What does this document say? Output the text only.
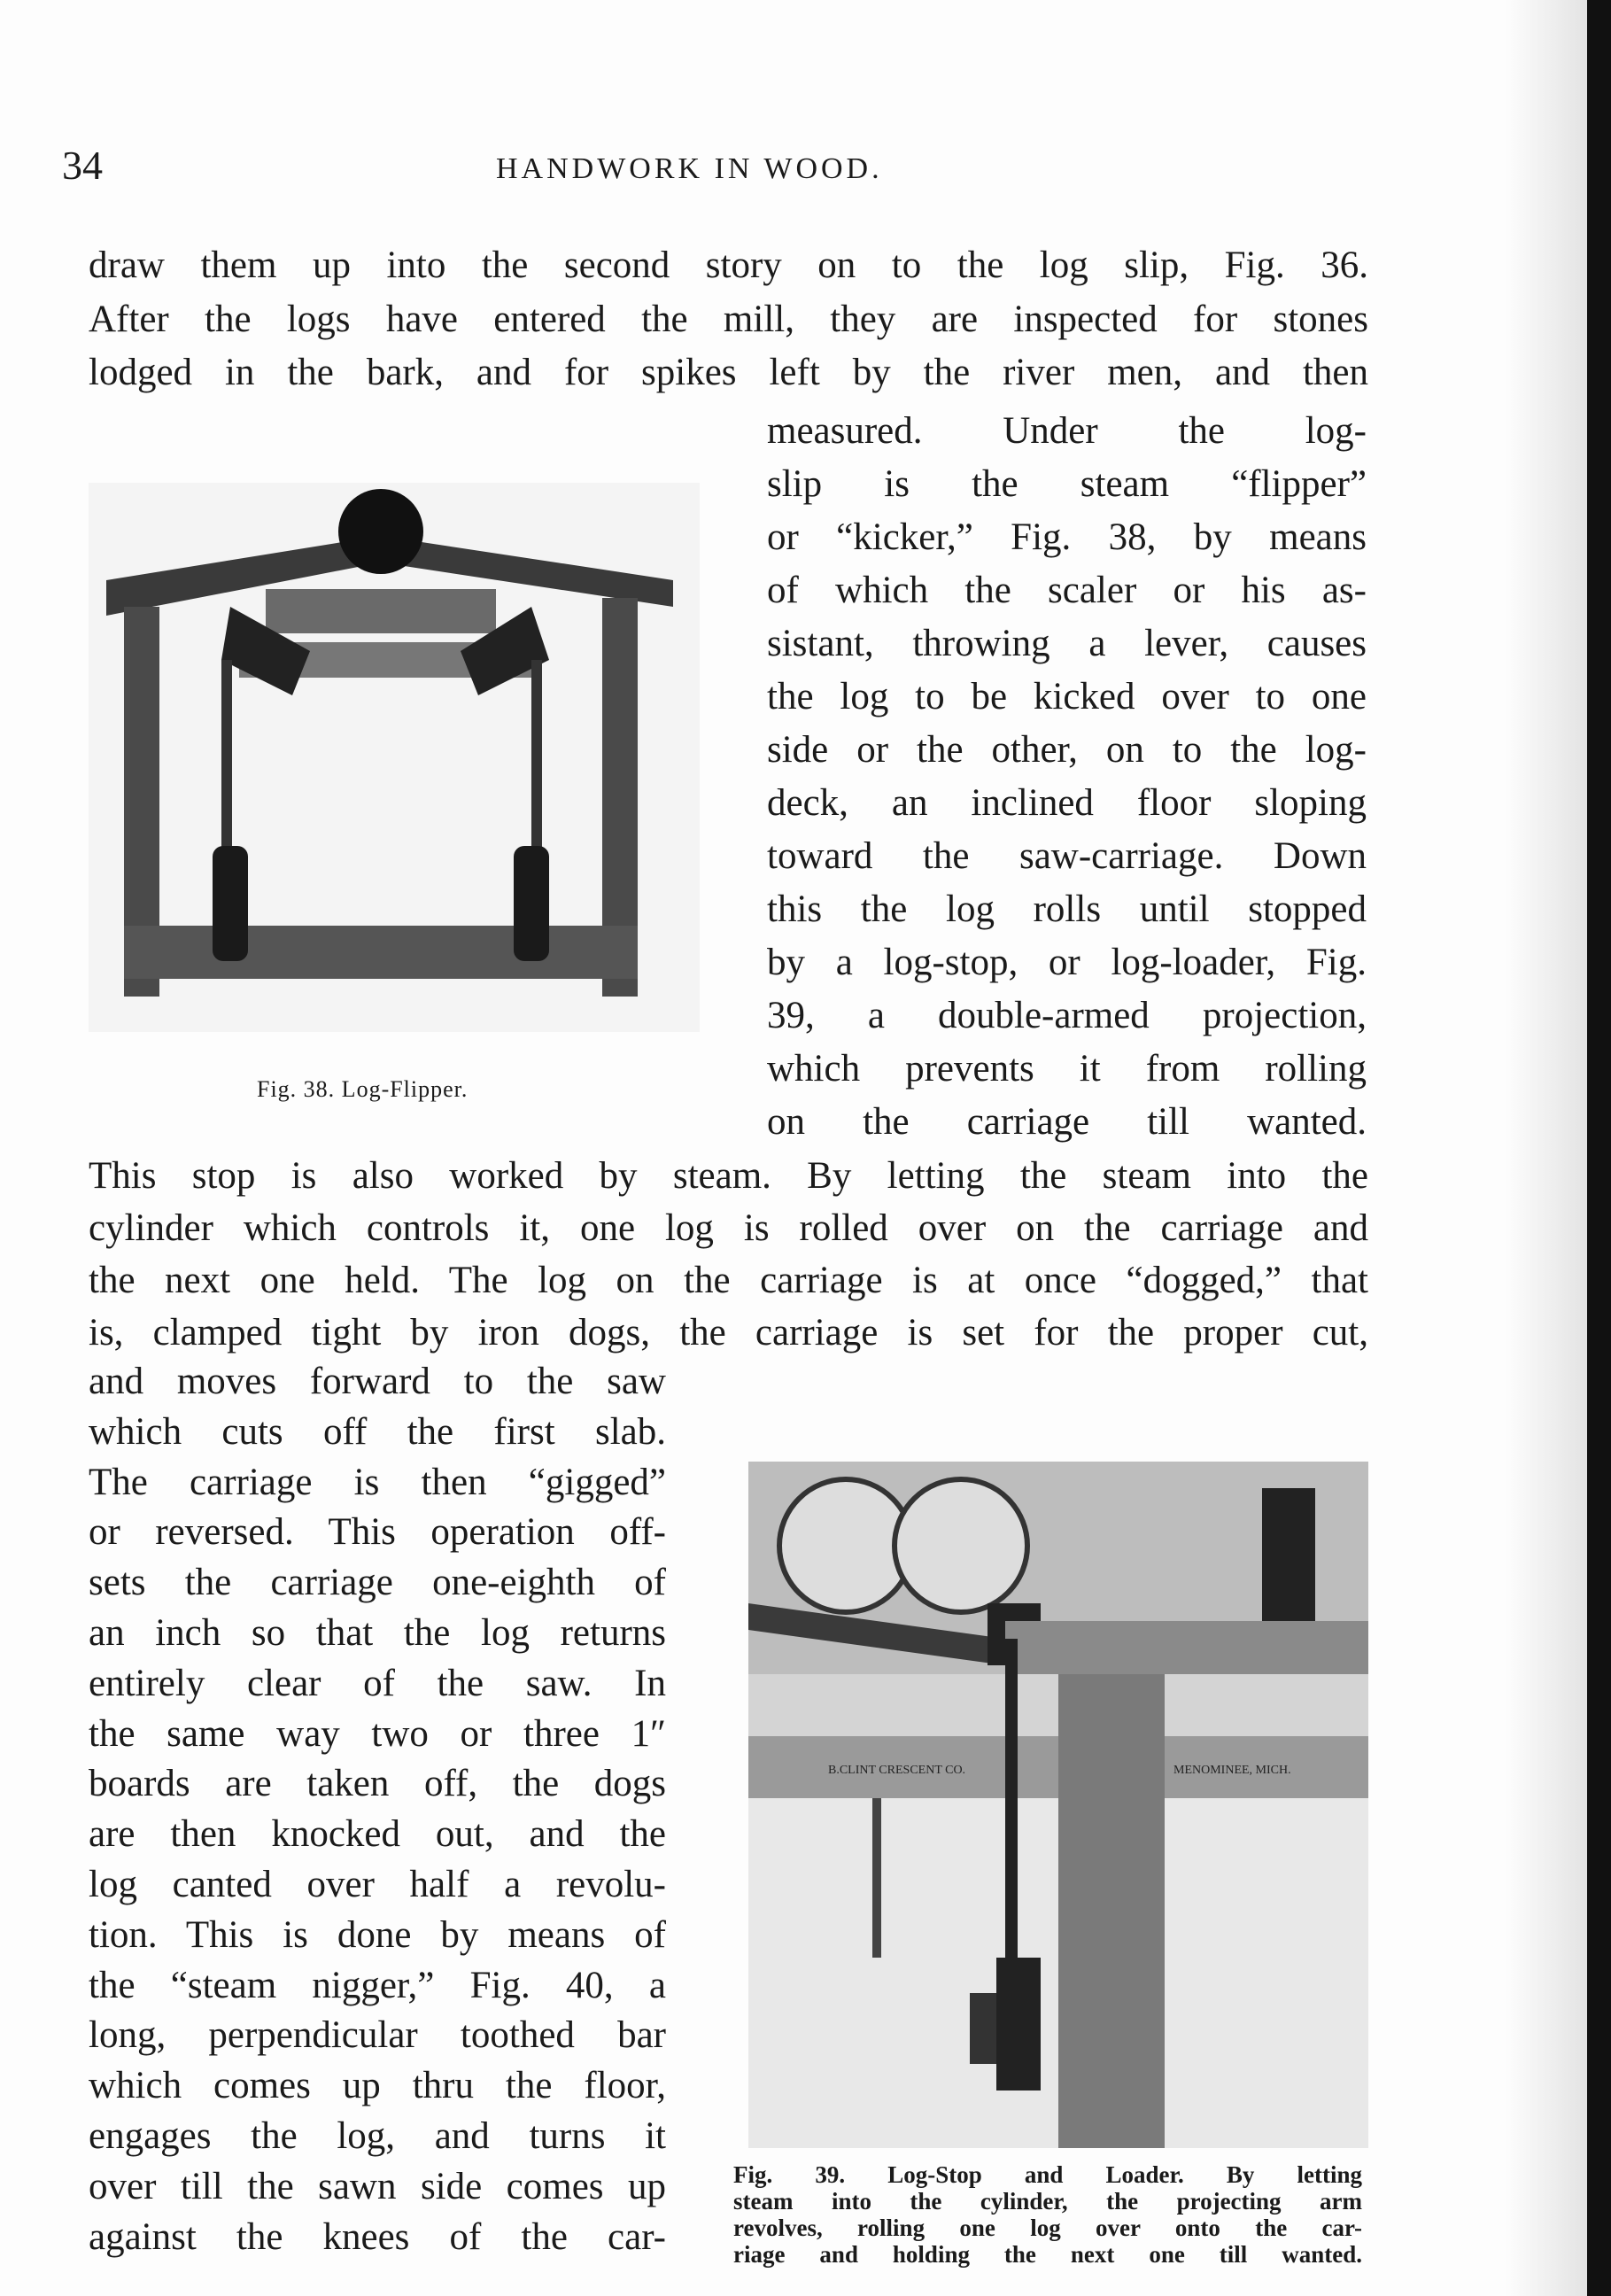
34	HANDWORK IN WOOD.
draw them up into the second story on to the log slip, Fig. 36.
After the logs have entered the mill, they are inspected for stones
lodged in the bark, and for spikes left by the river men, and then
measured. Under the log-
slip is the steam “flipper”
or “kicker,” Fig. 38, by means
of which the scaler or his as-
sistant, throwing a lever, causes
the log to be kicked over to one
side or the other, on to the log-
deck, an inclined floor sloping
toward the saw-carriage. Down
this the log rolls until stopped
by a log-stop, or log-loader, Fig.
39, a double-armed projection,
which prevents it from rolling
on the carriage till wanted.
This stop is also worked by steam. By letting the steam into the
cylinder which controls it, one log is rolled over on the carriage and
the next one held. The log on the carriage is at once “dogged,” that
is, clamped tight by iron dogs, the carriage is set for the proper cut,
and moves forward to the saw
which cuts off the first slab.
The carriage is then “gigged”
or reversed. This operation off-
sets the carriage one-eighth of
an inch so that the log returns
entirely clear of the saw. In
the same way two or three 1″
boards are taken off, the dogs
are then knocked out, and the
log canted over half a revolu-
tion. This is done by means of
the “steam nigger,” Fig. 40, a
long, perpendicular toothed bar
which comes up thru the floor,
engages the log, and turns it
over till the sawn side comes up
against the knees of the car-
Fig. 38. Log-Flipper.
B.CLINT CRESCENT CO.	MENOMINEE, MICH.
Fig. 39. Log-Stop and Loader. By letting
steam into the cylinder, the projecting arm
revolves, rolling one log over onto the car-
riage and holding the next one till wanted.
